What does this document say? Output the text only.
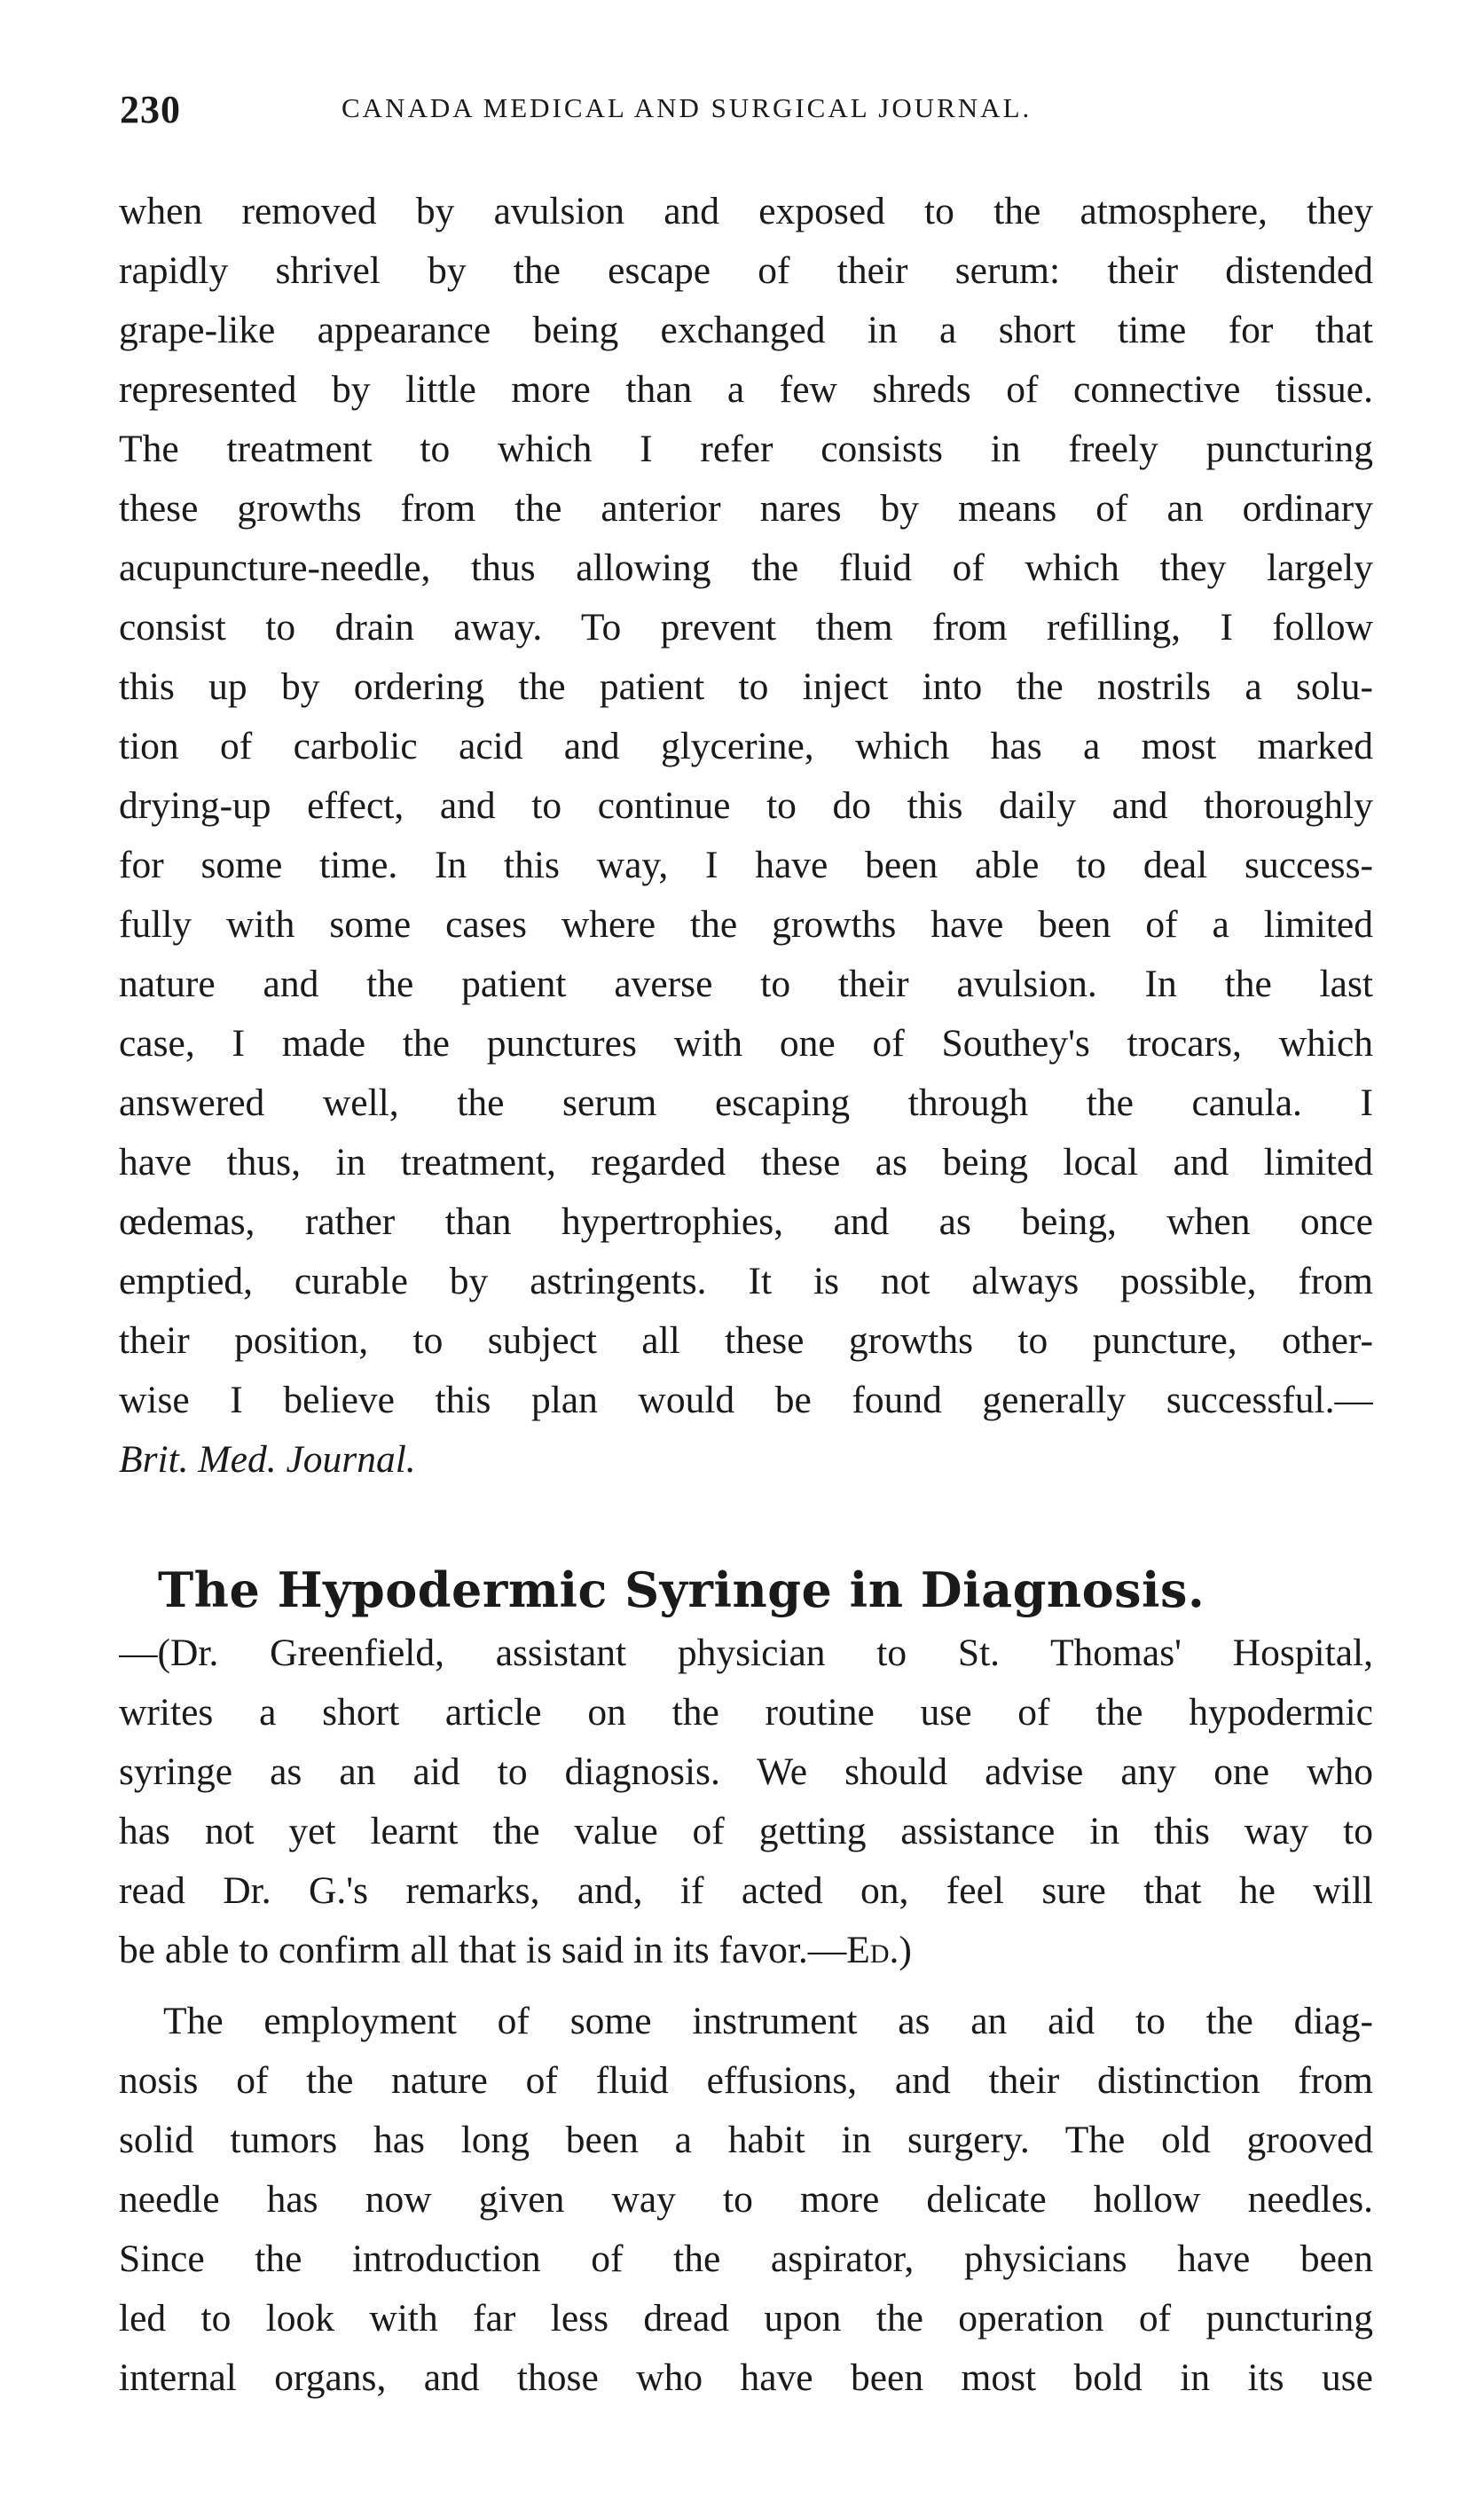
230	CANADA MEDICAL AND SURGICAL JOURNAL.
when removed by avulsion and exposed to the atmosphere, they
rapidly shrivel by the escape of their serum: their distended
grape-like appearance being exchanged in a short time for that
represented by little more than a few shreds of connective tissue.
The treatment to which I refer consists in freely puncturing
these growths from the anterior nares by means of an ordinary
acupuncture-needle, thus allowing the fluid of which they largely
consist to drain away. To prevent them from refilling, I follow
this up by ordering the patient to inject into the nostrils a solu-
tion of carbolic acid and glycerine, which has a most marked
drying-up effect, and to continue to do this daily and thoroughly
for some time. In this way, I have been able to deal success-
fully with some cases where the growths have been of a limited
nature and the patient averse to their avulsion. In the last
case, I made the punctures with one of Southey's trocars, which
answered well, the serum escaping through the canula. I
have thus, in treatment, regarded these as being local and limited
œdemas, rather than hypertrophies, and as being, when once
emptied, curable by astringents. It is not always possible, from
their position, to subject all these growths to puncture, other-
wise I believe this plan would be found generally successful.—
Brit. Med. Journal.
The Hypodermic Syringe in Diagnosis.
—(Dr. Greenfield, assistant physician to St. Thomas' Hospital,
writes a short article on the routine use of the hypodermic
syringe as an aid to diagnosis. We should advise any one who
has not yet learnt the value of getting assistance in this way to
read Dr. G.'s remarks, and, if acted on, feel sure that he will
be able to confirm all that is said in its favor.—Ed.)
The employment of some instrument as an aid to the diag-
nosis of the nature of fluid effusions, and their distinction from
solid tumors has long been a habit in surgery. The old grooved
needle has now given way to more delicate hollow needles.
Since the introduction of the aspirator, physicians have been
led to look with far less dread upon the operation of puncturing
internal organs, and those who have been most bold in its use
